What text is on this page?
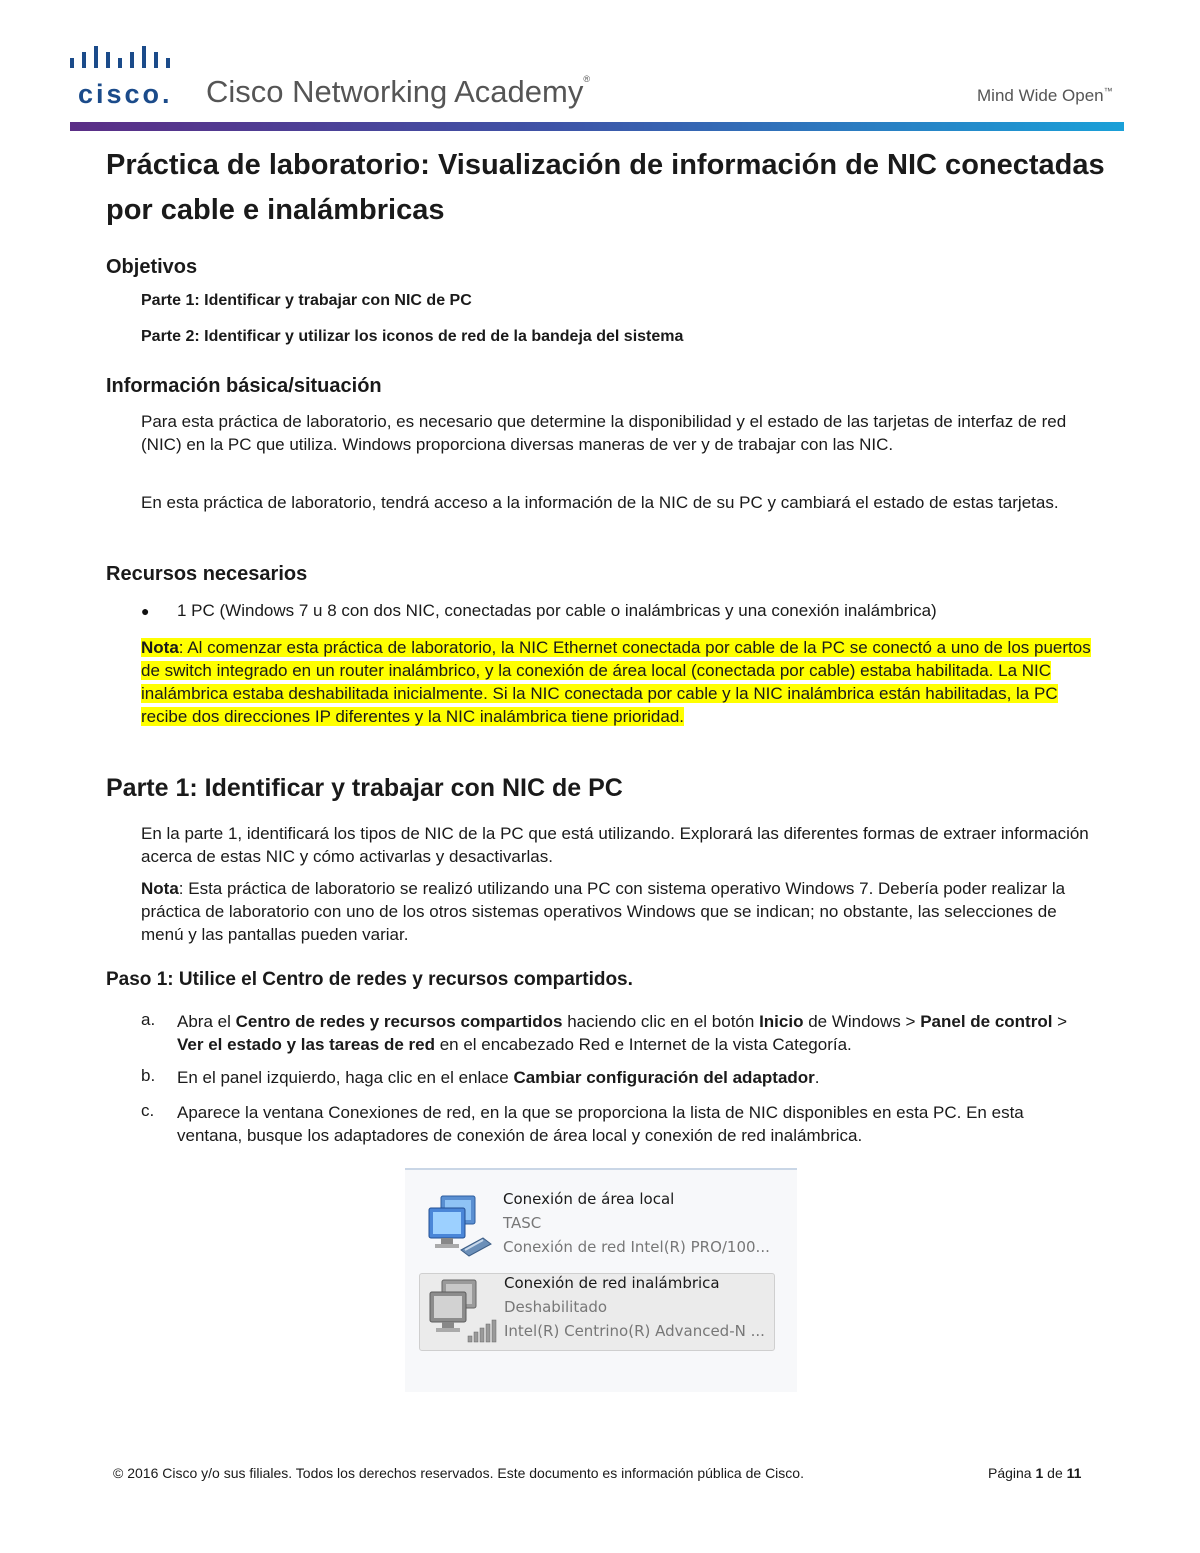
cisco. Cisco Networking Academy®
Mind Wide Open™
Práctica de laboratorio: Visualización de información de NIC conectadas por cable e inalámbricas
Objetivos
Parte 1: Identificar y trabajar con NIC de PC
Parte 2: Identificar y utilizar los iconos de red de la bandeja del sistema
Información básica/situación
Para esta práctica de laboratorio, es necesario que determine la disponibilidad y el estado de las tarjetas de interfaz de red (NIC) en la PC que utiliza. Windows proporciona diversas maneras de ver y de trabajar con las NIC.
En esta práctica de laboratorio, tendrá acceso a la información de la NIC de su PC y cambiará el estado de estas tarjetas.
Recursos necesarios
● 1 PC (Windows 7 u 8 con dos NIC, conectadas por cable o inalámbricas y una conexión inalámbrica)
Nota: Al comenzar esta práctica de laboratorio, la NIC Ethernet conectada por cable de la PC se conectó a uno de los puertos de switch integrado en un router inalámbrico, y la conexión de área local (conectada por cable) estaba habilitada. La NIC inalámbrica estaba deshabilitada inicialmente. Si la NIC conectada por cable y la NIC inalámbrica están habilitadas, la PC recibe dos direcciones IP diferentes y la NIC inalámbrica tiene prioridad.
Parte 1: Identificar y trabajar con NIC de PC
En la parte 1, identificará los tipos de NIC de la PC que está utilizando. Explorará las diferentes formas de extraer información acerca de estas NIC y cómo activarlas y desactivarlas.
Nota: Esta práctica de laboratorio se realizó utilizando una PC con sistema operativo Windows 7. Debería poder realizar la práctica de laboratorio con uno de los otros sistemas operativos Windows que se indican; no obstante, las selecciones de menú y las pantallas pueden variar.
Paso 1: Utilice el Centro de redes y recursos compartidos.
a. Abra el Centro de redes y recursos compartidos haciendo clic en el botón Inicio de Windows > Panel de control > Ver el estado y las tareas de red en el encabezado Red e Internet de la vista Categoría.
b. En el panel izquierdo, haga clic en el enlace Cambiar configuración del adaptador.
c. Aparece la ventana Conexiones de red, en la que se proporciona la lista de NIC disponibles en esta PC. En esta ventana, busque los adaptadores de conexión de área local y conexión de red inalámbrica.
Conexión de área local
TASC
Conexión de red Intel(R) PRO/100...
Conexión de red inalámbrica
Deshabilitado
Intel(R) Centrino(R) Advanced-N ...
© 2016 Cisco y/o sus filiales. Todos los derechos reservados. Este documento es información pública de Cisco.	Página 1 de 11
